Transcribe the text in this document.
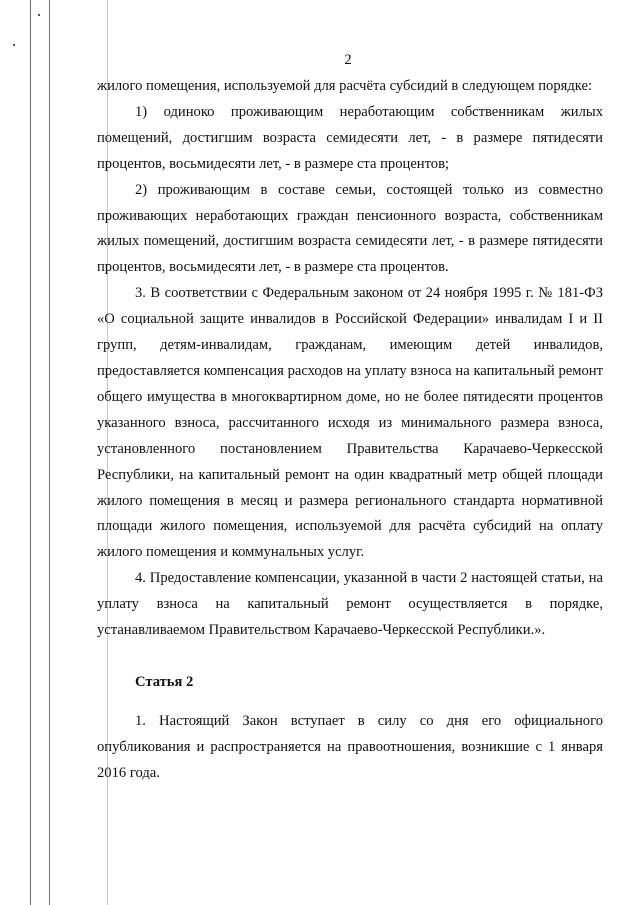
2

жилого помещения, используемой для расчёта субсидий в следующем порядке:

1) одиноко проживающим неработающим собственникам жилых помещений, достигшим возраста семидесяти лет, - в размере пятидесяти процентов, восьмидесяти лет, - в размере ста процентов;

2) проживающим в составе семьи, состоящей только из совместно проживающих неработающих граждан пенсионного возраста, собственникам жилых помещений, достигшим возраста семидесяти лет, - в размере пятидесяти процентов, восьмидесяти лет, - в размере ста процентов.

3. В соответствии с Федеральным законом от 24 ноября 1995 г. № 181-ФЗ «О социальной защите инвалидов в Российской Федерации» инвалидам I и II групп, детям-инвалидам, гражданам, имеющим детей инвалидов, предоставляется компенсация расходов на уплату взноса на капитальный ремонт общего имущества в многоквартирном доме, но не более пятидесяти процентов указанного взноса, рассчитанного исходя из минимального размера взноса, установленного постановлением Правительства Карачаево-Черкесской Республики, на капитальный ремонт на один квадратный метр общей площади жилого помещения в месяц и размера регионального стандарта нормативной площади жилого помещения, используемой для расчёта субсидий на оплату жилого помещения и коммунальных услуг.

4. Предоставление компенсации, указанной в части 2 настоящей статьи, на уплату взноса на капитальный ремонт осуществляется в порядке, устанавливаемом Правительством Карачаево-Черкесской Республики.».

Статья 2

1. Настоящий Закон вступает в силу со дня его официального опубликования и распространяется на правоотношения, возникшие с 1 января 2016 года.
